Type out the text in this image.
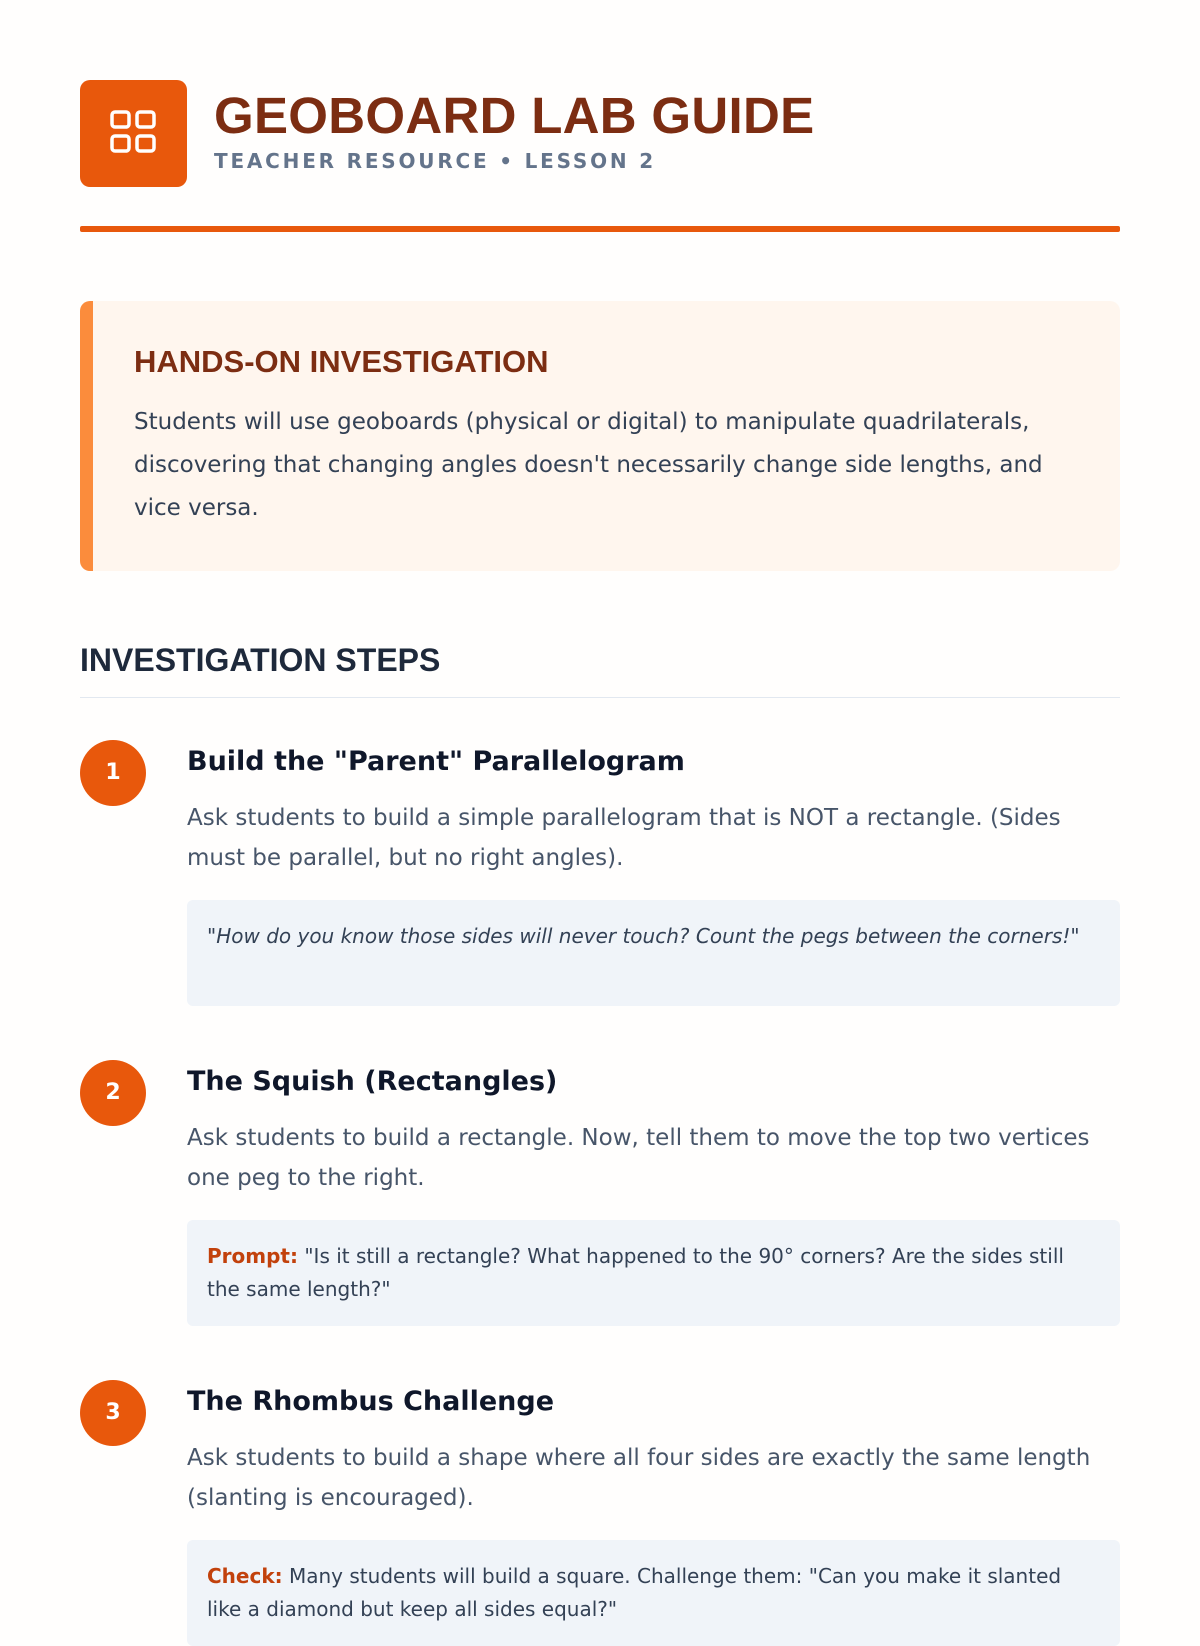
GEOBOARD LAB GUIDE
TEACHER RESOURCE • LESSON 2
HANDS-ON INVESTIGATION

Students will use geoboards (physical or digital) to manipulate quadrilaterals, discovering that changing angles doesn't necessarily change side lengths, and vice versa.

INVESTIGATION STEPS
1	Build the "Parent" Parallelogram

Ask students to build a simple parallelogram that is NOT a rectangle. (Sides must be parallel, but no right angles).

"How do you know those sides will never touch? Count the pegs between the corners!"
2	The Squish (Rectangles)

Ask students to build a rectangle. Now, tell them to move the top two vertices one peg to the right.

Prompt: "Is it still a rectangle? What happened to the 90° corners? Are the sides still the same length?"
3	The Rhombus Challenge

Ask students to build a shape where all four sides are exactly the same length (slanting is encouraged).

Check: Many students will build a square. Challenge them: "Can you make it slanted like a diamond but keep all sides equal?"
